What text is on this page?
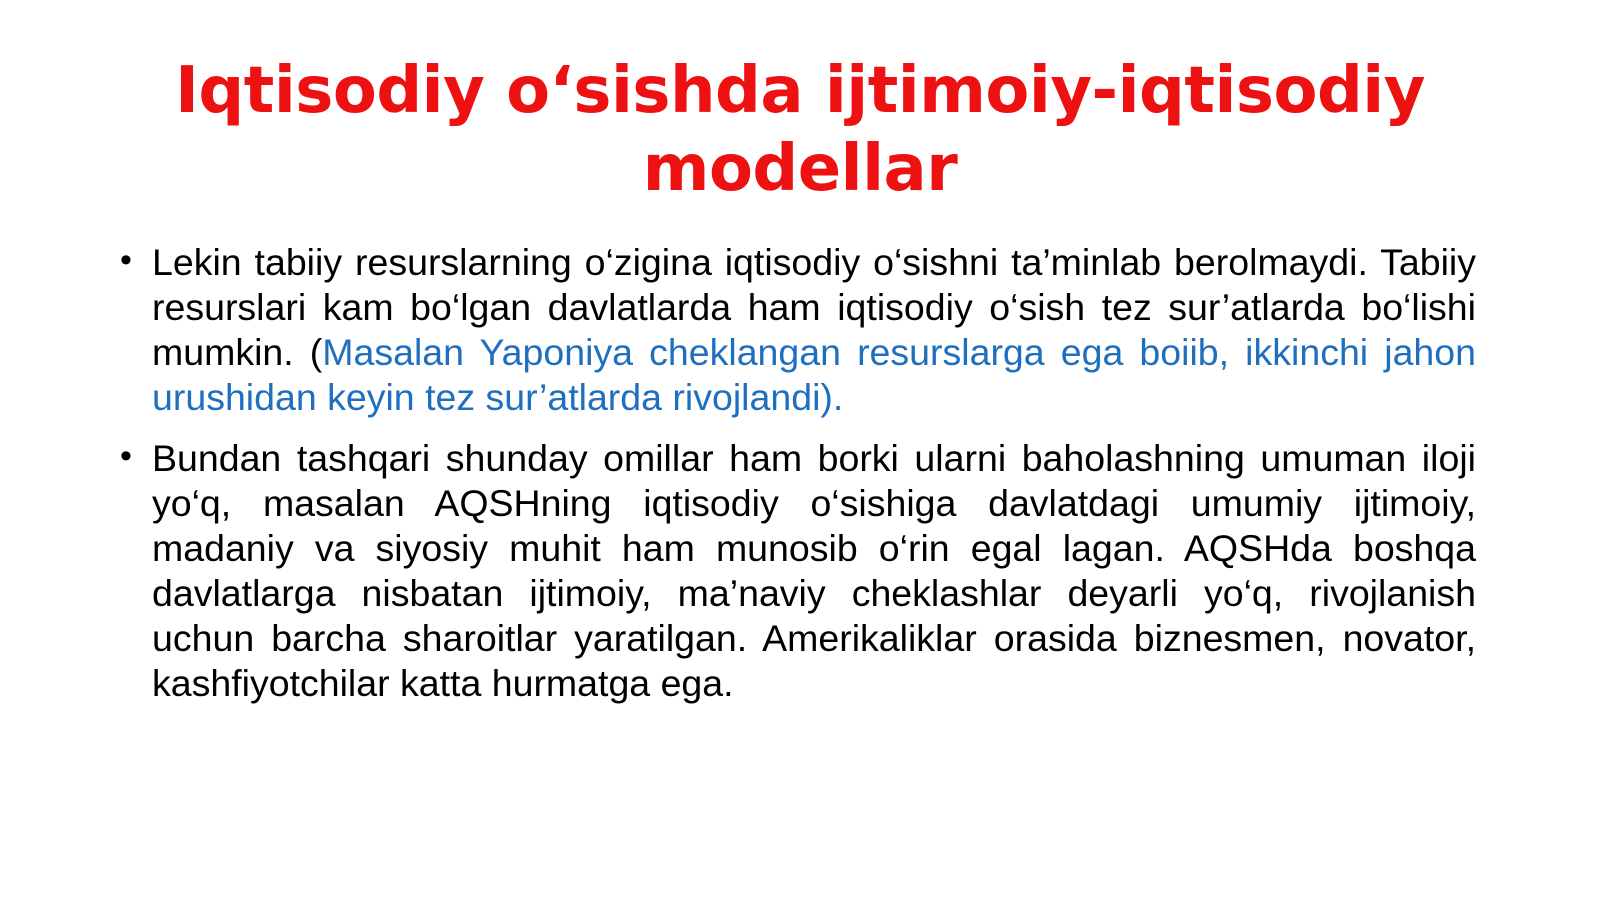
Iqtisodiy o‘sishda ijtimoiy-iqtisodiy modellar
• Lekin tabiiy resurslarning o‘zigina iqtisodiy o‘sishni ta’minlab berolmaydi. Tabiiy resurslari kam bo‘lgan davlatlarda ham iqtisodiy o‘sish tez sur’atlarda bo‘lishi mumkin. (Masalan Yaponiya cheklangan resurslarga ega boiib, ikkinchi jahon urushidan keyin tez sur’atlarda rivojlandi).
• Bundan tashqari shunday omillar ham borki ularni baholashning umuman iloji yo‘q, masalan AQSHning iqtisodiy o‘sishiga davlatdagi umumiy ijtimoiy, madaniy va siyosiy muhit ham munosib o‘rin egal lagan. AQSHda boshqa davlatlarga nisbatan ijtimoiy, ma’naviy cheklashlar deyarli yo‘q, rivojlanish uchun barcha sharoitlar yaratilgan. Amerikaliklar orasida biznesmen, novator, kashfiyotchilar katta hurmatga ega.
